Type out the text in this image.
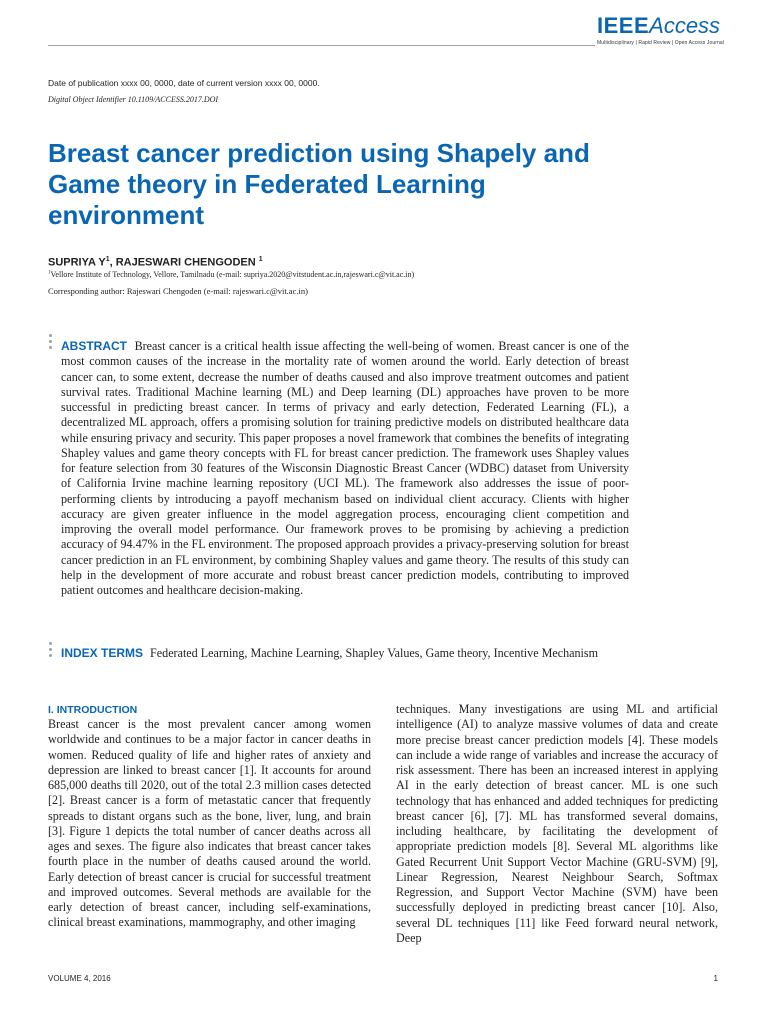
IEEEAccess
Multidisciplinary | Rapid Review | Open Access Journal
Date of publication xxxx 00, 0000, date of current version xxxx 00, 0000.
Digital Object Identifier 10.1109/ACCESS.2017.DOI
Breast cancer prediction using Shapely and Game theory in Federated Learning environment
SUPRIYA $Y^1$, RAJESWARI CHENGODEN $^1$
$^1$Vellore Institute of Technology, Vellore, Tamilnadu (e-mail: supriya.2020@vitstudent.ac.in,rajeswari.c@vit.ac.in)
Corresponding author: Rajeswari Chengoden (e-mail: rajeswari.c@vit.ac.in)

ABSTRACT Breast cancer is a critical health issue affecting the well-being of women. Breast cancer is one of the most common causes of the increase in the mortality rate of women around the world. Early detection of breast cancer can, to some extent, decrease the number of deaths caused and also improve treatment outcomes and patient survival rates. Traditional Machine learning (ML) and Deep learning (DL) approaches have proven to be more successful in predicting breast cancer. In terms of privacy and early detection, Federated Learning (FL), a decentralized ML approach, offers a promising solution for training predictive models on distributed healthcare data while ensuring privacy and security. This paper proposes a novel framework that combines the benefits of integrating Shapley values and game theory concepts with FL for breast cancer prediction. The framework uses Shapley values for feature selection from 30 features of the Wisconsin Diagnostic Breast Cancer (WDBC) dataset from University of California Irvine machine learning repository (UCI ML). The framework also addresses the issue of poor-performing clients by introducing a payoff mechanism based on individual client accuracy. Clients with higher accuracy are given greater influence in the model aggregation process, encouraging client competition and improving the overall model performance. Our framework proves to be promising by achieving a prediction accuracy of 94.47% in the FL environment. The proposed approach provides a privacy-preserving solution for breast cancer prediction in an FL environment, by combining Shapley values and game theory. The results of this study can help in the development of more accurate and robust breast cancer prediction models, contributing to improved patient outcomes and healthcare decision-making.

INDEX TERMS Federated Learning, Machine Learning, Shapley Values, Game theory, Incentive Mechanism

I. INTRODUCTION

Breast cancer is the most prevalent cancer among women worldwide and continues to be a major factor in cancer deaths in women. Reduced quality of life and higher rates of anxiety and depression are linked to breast cancer [1]. It accounts for around 685,000 deaths till 2020, out of the total 2.3 million cases detected [2]. Breast cancer is a form of metastatic cancer that frequently spreads to distant organs such as the bone, liver, lung, and brain [3]. Figure 1 depicts the total number of cancer deaths across all ages and sexes. The figure also indicates that breast cancer takes fourth place in the number of deaths caused around the world. Early detection of breast cancer is crucial for successful treatment and improved outcomes. Several methods are available for the early detection of breast cancer, including self-examinations, clinical breast examinations, mammography, and other imaging

techniques. Many investigations are using ML and artificial intelligence (AI) to analyze massive volumes of data and create more precise breast cancer prediction models [4]. These models can include a wide range of variables and increase the accuracy of risk assessment. There has been an increased interest in applying AI in the early detection of breast cancer. ML is one such technology that has enhanced and added techniques for predicting breast cancer [6], [7]. ML has transformed several domains, including healthcare, by facilitating the development of appropriate prediction models [8]. Several ML algorithms like Gated Recurrent Unit Support Vector Machine (GRU-SVM) [9], Linear Regression, Nearest Neighbour Search, Softmax Regression, and Support Vector Machine (SVM) have been successfully deployed in predicting breast cancer [10]. Also, several DL techniques [11] like Feed forward neural network, Deep

VOLUME 4, 2016	1
